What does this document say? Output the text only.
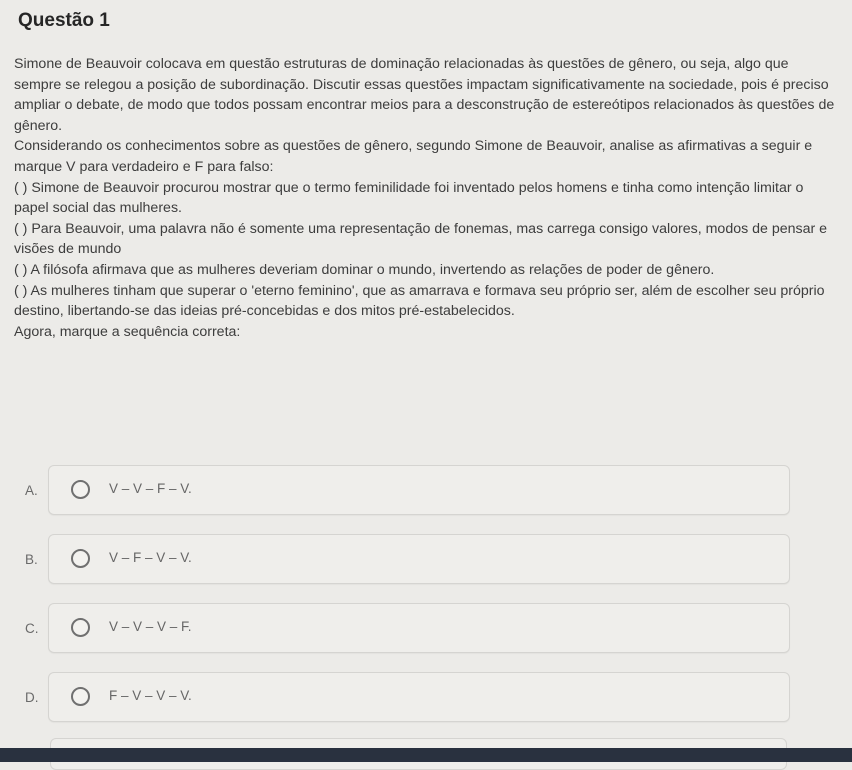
Questão 1

Simone de Beauvoir colocava em questão estruturas de dominação relacionadas às questões de gênero, ou seja, algo que sempre se relegou a posição de subordinação. Discutir essas questões impactam significativamente na sociedade, pois é preciso ampliar o debate, de modo que todos possam encontrar meios para a desconstrução de estereótipos relacionados às questões de gênero.

Considerando os conhecimentos sobre as questões de gênero, segundo Simone de Beauvoir, analise as afirmativas a seguir e marque V para verdadeiro e F para falso:

( ) Simone de Beauvoir procurou mostrar que o termo feminilidade foi inventado pelos homens e tinha como intenção limitar o papel social das mulheres.

( ) Para Beauvoir, uma palavra não é somente uma representação de fonemas, mas carrega consigo valores, modos de pensar e visões de mundo

( ) A filósofa afirmava que as mulheres deveriam dominar o mundo, invertendo as relações de poder de gênero.

( ) As mulheres tinham que superar o 'eterno feminino', que as amarrava e formava seu próprio ser, além de escolher seu próprio destino, libertando-se das ideias pré-concebidas e dos mitos pré-estabelecidos.

Agora, marque a sequência correta:

A.	V – V – F – V.
B.	V – F – V – V.
C.	V – V – V – F.
D.	F – V – V – V.
